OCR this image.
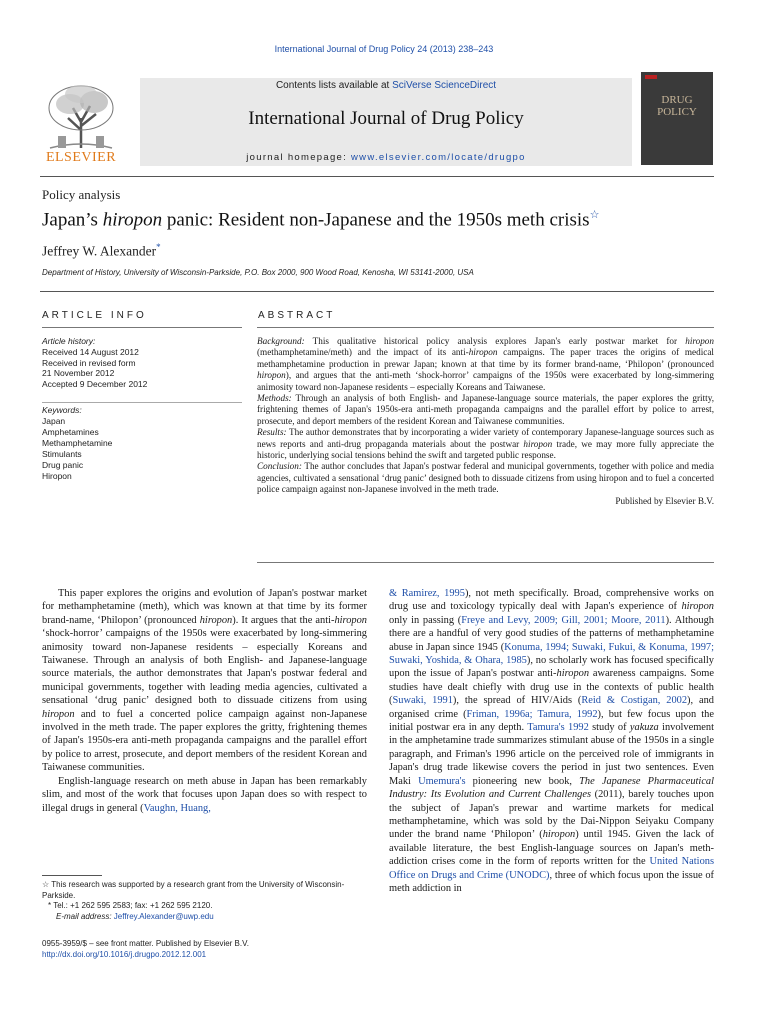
International Journal of Drug Policy 24 (2013) 238–243
ELSEVIER
Contents lists available at SciVerse ScienceDirect
International Journal of Drug Policy
journal homepage: www.elsevier.com/locate/drugpo
DRUG
POLICY
Policy analysis
Japan’s hiropon panic: Resident non-Japanese and the 1950s meth crisis☆
Jeffrey W. Alexander*
Department of History, University of Wisconsin-Parkside, P.O. Box 2000, 900 Wood Road, Kenosha, WI 53141-2000, USA
ARTICLE INFO	ABSTRACT
Article history:
Received 14 August 2012
Received in revised form
21 November 2012
Accepted 9 December 2012
Keywords:
Japan
Amphetamines
Methamphetamine
Stimulants
Drug panic
Hiropon

Background: This qualitative historical policy analysis explores Japan's early postwar market for hiropon (methamphetamine/meth) and the impact of its anti-hiropon campaigns. The paper traces the origins of medical methamphetamine production in prewar Japan; known at that time by its former brand-name, ‘Philopon’ (pronounced hiropon), and argues that the anti-meth ‘shock-horror’ campaigns of the 1950s were exacerbated by long-simmering animosity toward non-Japanese residents – especially Koreans and Taiwanese.

Methods: Through an analysis of both English- and Japanese-language source materials, the paper explores the gritty, frightening themes of Japan's 1950s-era anti-meth propaganda campaigns and the parallel effort by police to arrest, prosecute, and deport members of the resident Korean and Taiwanese communities.

Results: The author demonstrates that by incorporating a wider variety of contemporary Japanese-language sources such as news reports and anti-drug propaganda materials about the postwar hiropon trade, we may more fully appreciate the historic, underlying social tensions behind the swift and targeted public response.

Conclusion: The author concludes that Japan's postwar federal and municipal governments, together with police and media agencies, cultivated a sensational ‘drug panic’ designed both to dissuade citizens from using hiropon and to fuel a concerted police campaign against non-Japanese involved in the meth trade.

Published by Elsevier B.V.

This paper explores the origins and evolution of Japan's postwar market for methamphetamine (meth), which was known at that time by its former brand-name, ‘Philopon’ (pronounced hiropon). It argues that the anti-hiropon ‘shock-horror’ campaigns of the 1950s were exacerbated by long-simmering animosity toward non-Japanese residents – especially Koreans and Taiwanese. Through an analysis of both English- and Japanese-language source materials, the author demonstrates that Japan's postwar federal and municipal governments, together with leading media agencies, cultivated a sensational ‘drug panic’ designed both to dissuade citizens from using hiropon and to fuel a concerted police campaign against non-Japanese involved in the meth trade. The paper explores the gritty, frightening themes of Japan's 1950s-era anti-meth propaganda campaigns and the parallel effort by police to arrest, prosecute, and deport members of the resident Korean and Taiwanese communities.

English-language research on meth abuse in Japan has been remarkably slim, and most of the work that focuses upon Japan does so with respect to illegal drugs in general (Vaughn, Huang,

& Ramirez, 1995), not meth specifically. Broad, comprehensive works on drug use and toxicology typically deal with Japan's experience of hiropon only in passing (Freye and Levy, 2009; Gill, 2001; Moore, 2011). Although there are a handful of very good studies of the patterns of methamphetamine abuse in Japan since 1945 (Konuma, 1994; Suwaki, Fukui, & Konuma, 1997; Suwaki, Yoshida, & Ohara, 1985), no scholarly work has focused specifically upon the issue of Japan's postwar anti-hiropon awareness campaigns. Some studies have dealt chiefly with drug use in the contexts of public health (Suwaki, 1991), the spread of HIV/Aids (Reid & Costigan, 2002), and organised crime (Friman, 1996a; Tamura, 1992), but few focus upon the initial postwar era in any depth. Tamura's 1992 study of yakuza involvement in the amphetamine trade summarizes stimulant abuse of the 1950s in a single paragraph, and Friman's 1996 article on the perceived role of immigrants in Japan's drug trade likewise covers the period in just two sentences. Even Maki Umemura's pioneering new book, The Japanese Pharmaceutical Industry: Its Evolution and Current Challenges (2011), barely touches upon the subject of Japan's prewar and wartime markets for medical methamphetamine, which was sold by the Dai-Nippon Seiyaku Company under the brand name ‘Philopon’ (hiropon) until 1945. Given the lack of available literature, the best English-language sources on Japan's meth-addiction crises come in the form of reports written for the United Nations Office on Drugs and Crime (UNODC), three of which focus upon the issue of meth addiction in

☆ This research was supported by a research grant from the University of Wisconsin-Parkside.

* Tel.: +1 262 595 2583; fax: +1 262 595 2120.

E-mail address: Jeffrey.Alexander@uwp.edu

0955-3959/$ – see front matter. Published by Elsevier B.V.
http://dx.doi.org/10.1016/j.drugpo.2012.12.001
